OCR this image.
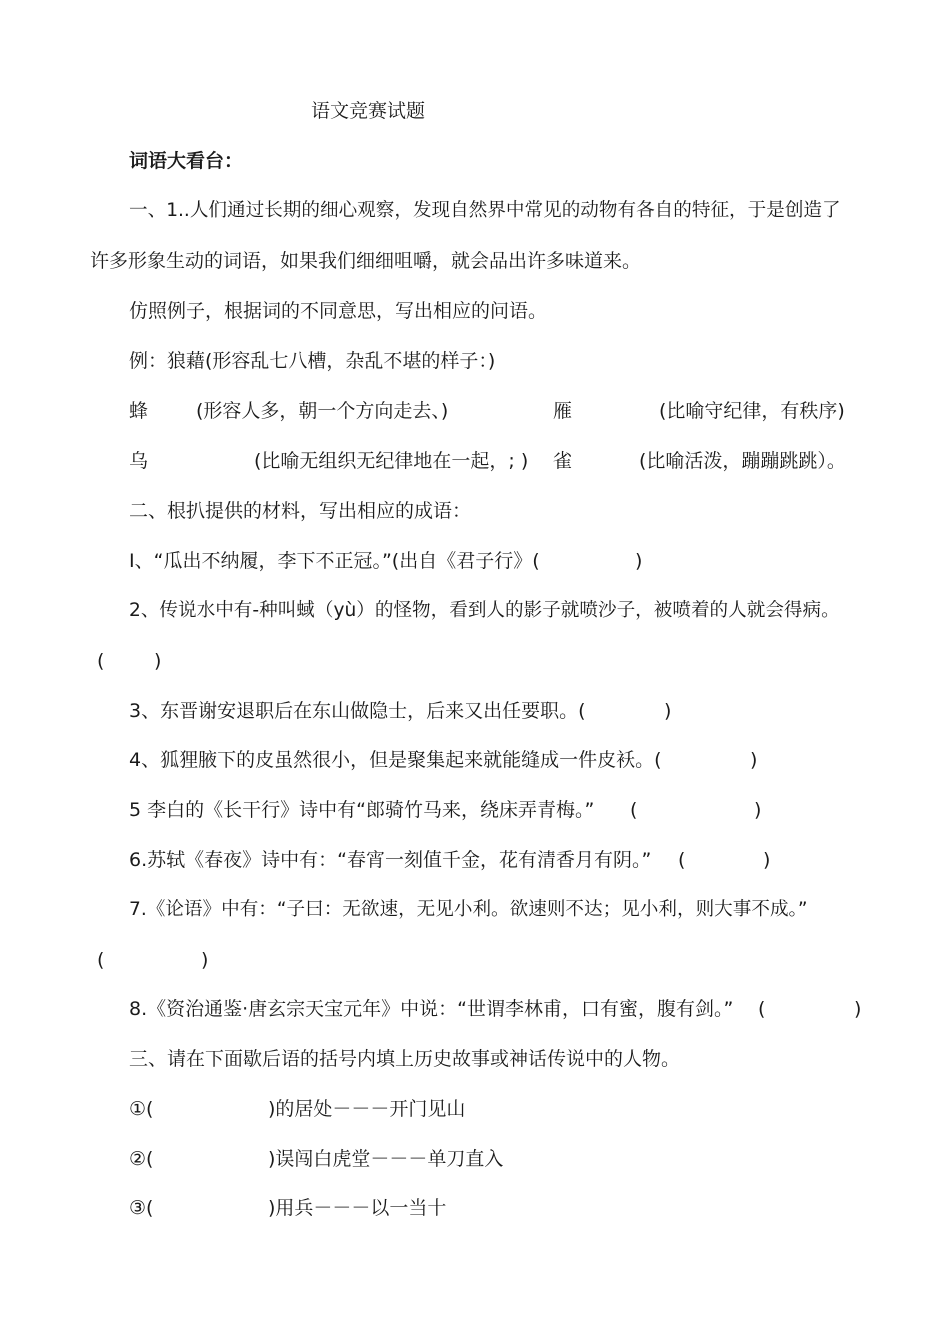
语文竞赛试题
词语大看台：
一、1..人们通过长期的细心观察，发现自然界中常见的动物有各自的特征，于是创造了
许多形象生动的词语，如果我们细细咀嚼，就会品出许多味道来。
仿照例子，根据词的不同意思，写出相应的问语。
例：狼藉(形容乱七八槽，杂乱不堪的样子：)
蜂	(形容人多，朝一个方向走去、)	雁	(比喻守纪律，有秩序)
乌	(比喻无组织无纪律地在一起，; ) 雀	(比喻活泼，蹦蹦跳跳）。
二、根扒提供的材料，写出相应的成语：
I、“瓜出不纳履，李下不正冠。”(出自《君子行》(	)
2、传说水中有-种叫蜮（yù）的怪物，看到人的影子就喷沙子，被喷着的人就会得病。
(	)
3、东晋谢安退职后在东山做隐士，后来又出任要职。(	)
4、狐狸腋下的皮虽然很小，但是聚集起来就能缝成一件皮袄。(	)
5 李白的《长干行》诗中有“郎骑竹马来，绕床弄青梅。” (	)
6.苏轼《春夜》诗中有：“春宵一刻值千金，花有清香月有阴。” (	)
7.《论语》中有：“子曰：无欲速，无见小利。欲速则不达；见小利，则大事不成。”
(	)
8.《资治通鉴·唐玄宗天宝元年》中说：“世谓李林甫，口有蜜，腹有剑。” (	)
三、请在下面歇后语的括号内填上历史故事或神话传说中的人物。
①(	)的居处－－－开门见山
②(	)误闯白虎堂－－－单刀直入
③(	)用兵－－－以一当十
